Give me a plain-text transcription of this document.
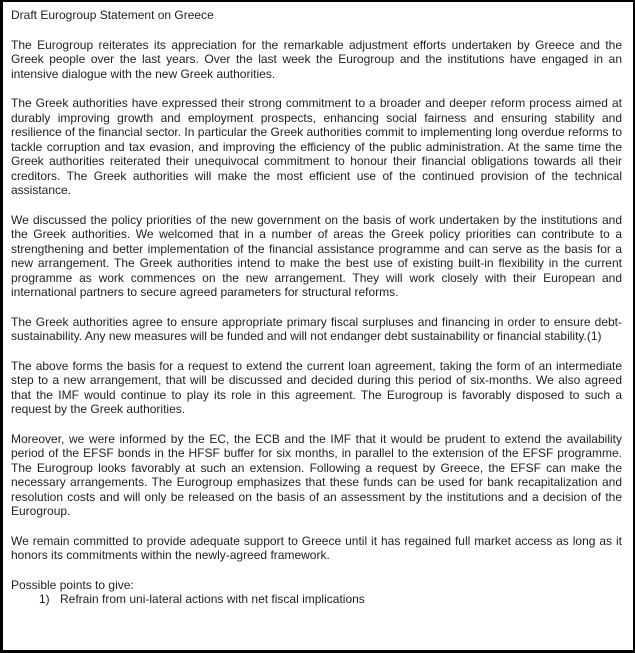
Draft Eurogroup Statement on Greece

The Eurogroup reiterates its appreciation for the remarkable adjustment efforts undertaken by Greece and the Greek people over the last years. Over the last week the Eurogroup and the institutions have engaged in an intensive dialogue with the new Greek authorities.

The Greek authorities have expressed their strong commitment to a broader and deeper reform process aimed at durably improving growth and employment prospects, enhancing social fairness and ensuring stability and resilience of the financial sector. In particular the Greek authorities commit to implementing long overdue reforms to tackle corruption and tax evasion, and improving the efficiency of the public administration. At the same time the Greek authorities reiterated their unequivocal commitment to honour their financial obligations towards all their creditors. The Greek authorities will make the most efficient use of the continued provision of the technical assistance.

We discussed the policy priorities of the new government on the basis of work undertaken by the institutions and the Greek authorities. We welcomed that in a number of areas the Greek policy priorities can contribute to a strengthening and better implementation of the financial assistance programme and can serve as the basis for a new arrangement. The Greek authorities intend to make the best use of existing built-in flexibility in the current programme as work commences on the new arrangement. They will work closely with their European and international partners to secure agreed parameters for structural reforms.

The Greek authorities agree to ensure appropriate primary fiscal surpluses and financing in order to ensure debt-sustainability. Any new measures will be funded and will not endanger debt sustainability or financial stability.(1)

The above forms the basis for a request to extend the current loan agreement, taking the form of an intermediate step to a new arrangement, that will be discussed and decided during this period of six-months. We also agreed that the IMF would continue to play its role in this agreement. The Eurogroup is favorably disposed to such a request by the Greek authorities.

Moreover, we were informed by the EC, the ECB and the IMF that it would be prudent to extend the availability period of the EFSF bonds in the HFSF buffer for six months, in parallel to the extension of the EFSF programme. The Eurogroup looks favorably at such an extension. Following a request by Greece, the EFSF can make the necessary arrangements. The Eurogroup emphasizes that these funds can be used for bank recapitalization and resolution costs and will only be released on the basis of an assessment by the institutions and a decision of the Eurogroup.

We remain committed to provide adequate support to Greece until it has regained full market access as long as it honors its commitments within the newly-agreed framework.

Possible points to give:
1) Refrain from uni-lateral actions with net fiscal implications
